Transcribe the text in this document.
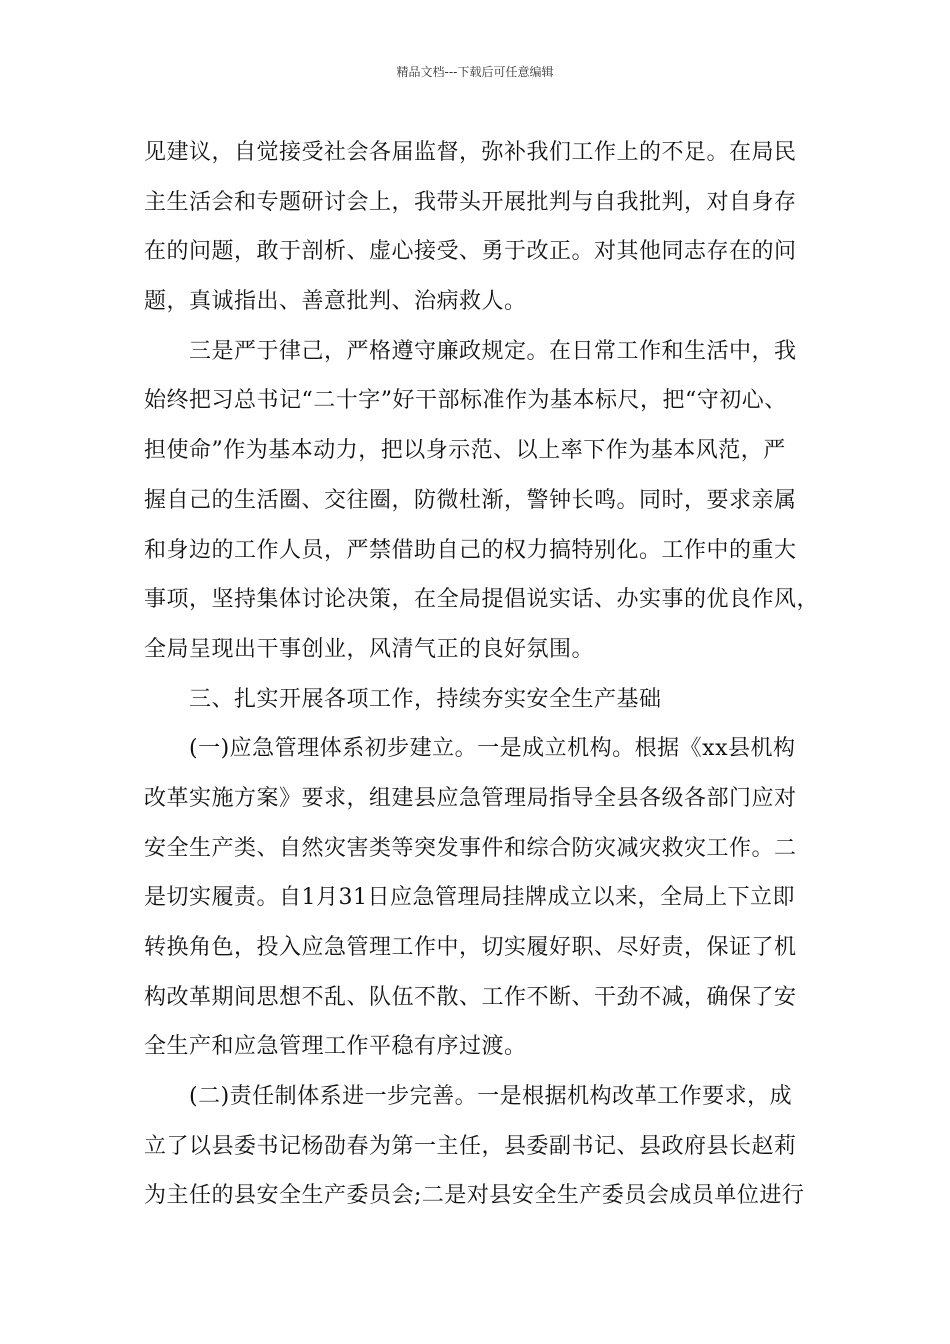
精品文档---下载后可任意编辑
见建议，自觉接受社会各届监督，弥补我们工作上的不足。在局民
主生活会和专题研讨会上，我带头开展批判与自我批判，对自身存
在的问题，敢于剖析、虚心接受、勇于改正。对其他同志存在的问
题，真诚指出、善意批判、治病救人。
　　三是严于律己，严格遵守廉政规定。在日常工作和生活中，我
始终把习总书记“二十字”好干部标准作为基本标尺，把“守初心、
担使命”作为基本动力，把以身示范、以上率下作为基本风范，严
握自己的生活圈、交往圈，防微杜渐，警钟长鸣。同时，要求亲属
和身边的工作人员，严禁借助自己的权力搞特别化。工作中的重大
事项，坚持集体讨论决策，在全局提倡说实话、办实事的优良作风，
全局呈现出干事创业，风清气正的良好氛围。
　　三、扎实开展各项工作，持续夯实安全生产基础
　　(一)应急管理体系初步建立。一是成立机构。根据《xx县机构
改革实施方案》要求，组建县应急管理局指导全县各级各部门应对
安全生产类、自然灾害类等突发事件和综合防灾减灾救灾工作。二
是切实履责。自1月31日应急管理局挂牌成立以来，全局上下立即
转换角色，投入应急管理工作中，切实履好职、尽好责，保证了机
构改革期间思想不乱、队伍不散、工作不断、干劲不减，确保了安
全生产和应急管理工作平稳有序过渡。
　　(二)责任制体系进一步完善。一是根据机构改革工作要求，成
立了以县委书记杨劭春为第一主任，县委副书记、县政府县长赵莉
为主任的县安全生产委员会;二是对县安全生产委员会成员单位进行
